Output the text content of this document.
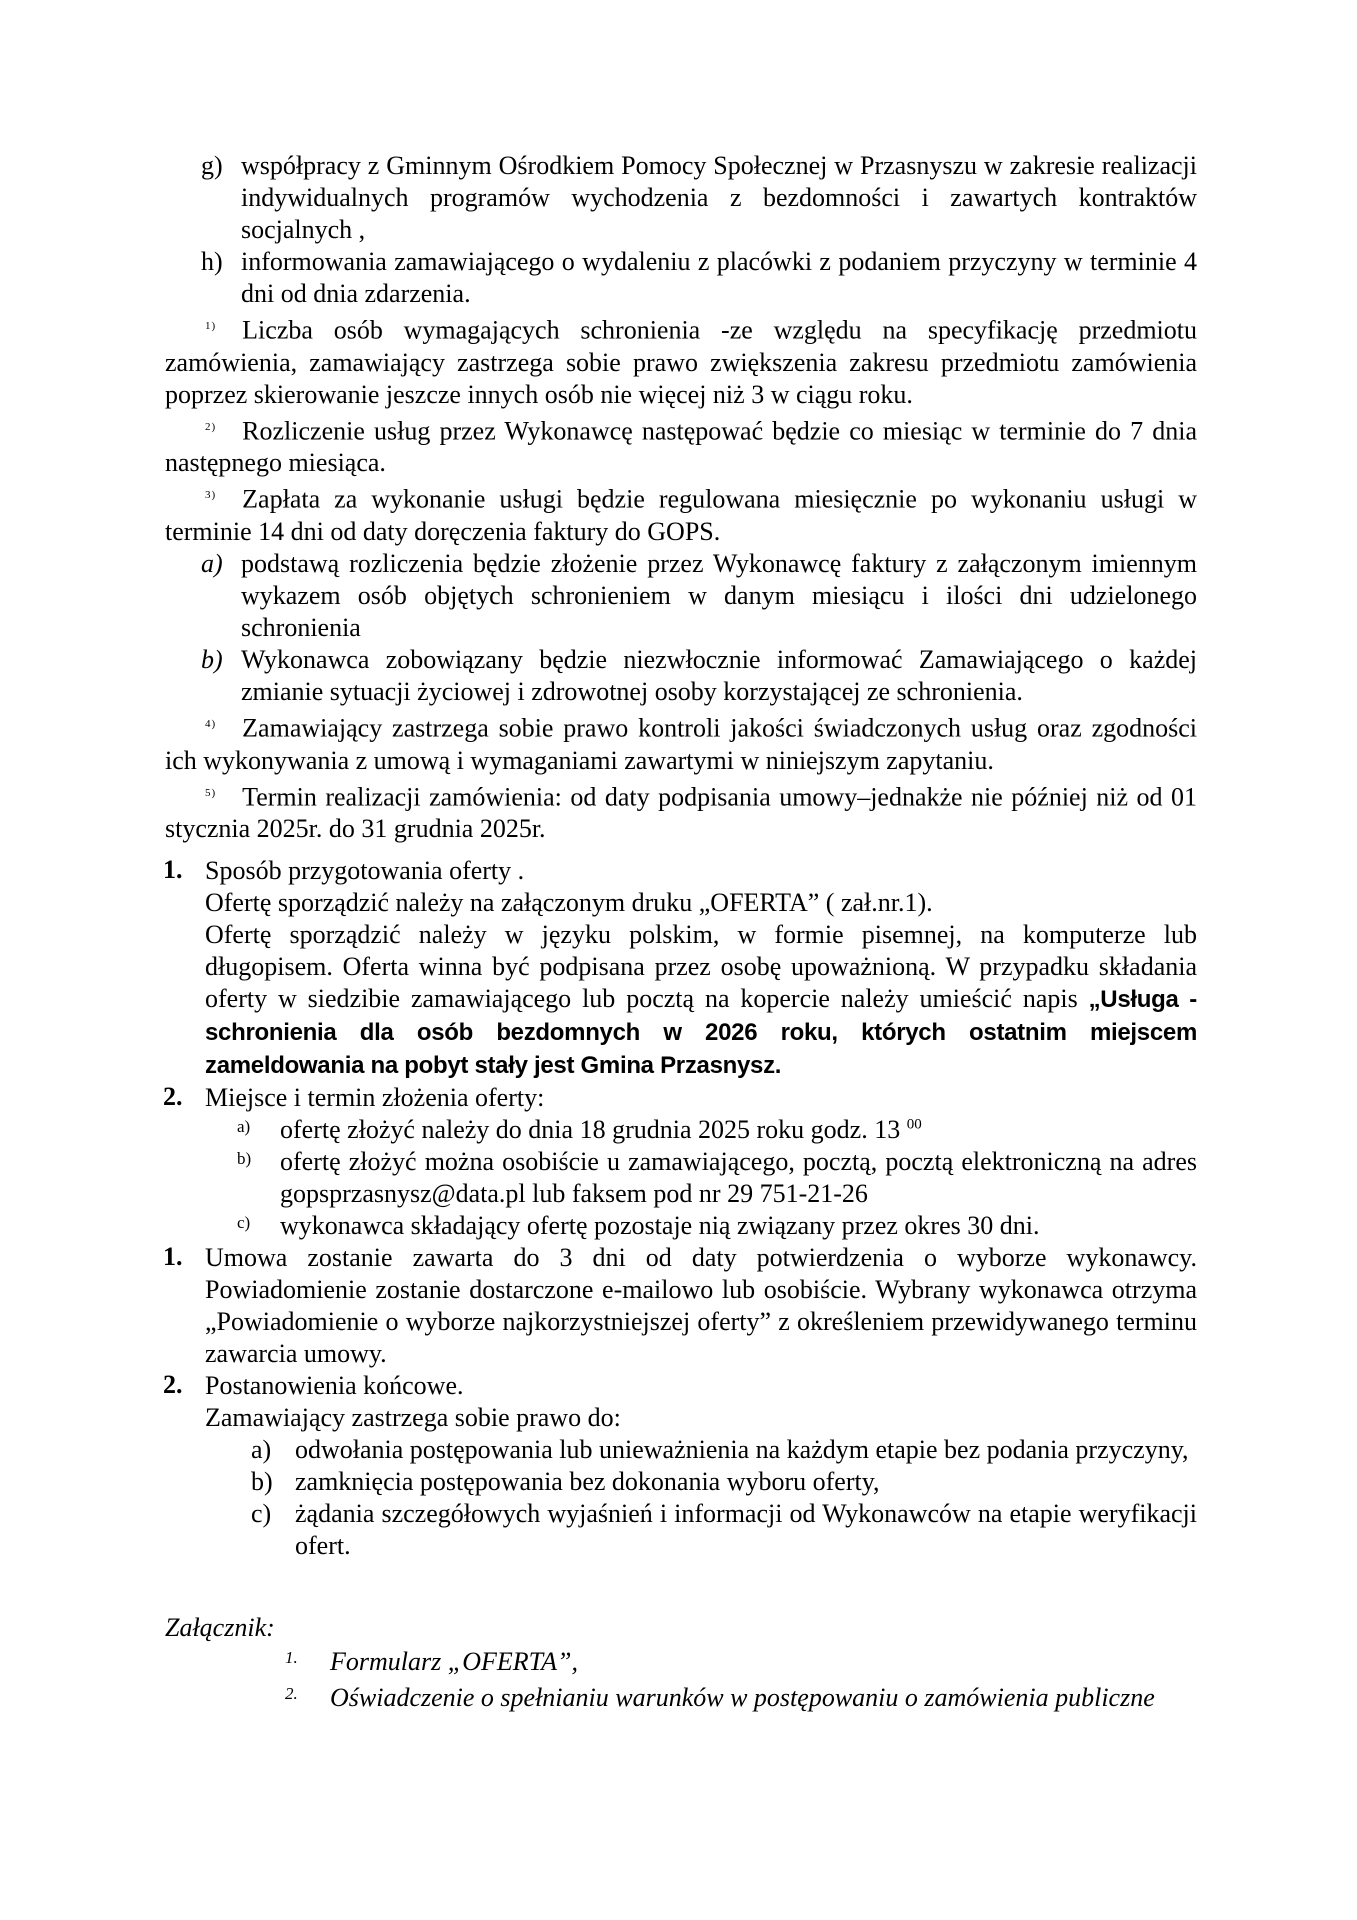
g) współpracy z Gminnym Ośrodkiem Pomocy Społecznej w Przasnyszu w zakresie realizacji indywidualnych programów wychodzenia z bezdomności i zawartych kontraktów socjalnych ,

h) informowania zamawiającego o wydaleniu z placówki z podaniem przyczyny w terminie 4 dni od dnia zdarzenia.

$^{1)}$ Liczba osób wymagających schronienia -ze względu na specyfikację przedmiotu zamówienia, zamawiający zastrzega sobie prawo zwiększenia zakresu przedmiotu zamówienia poprzez skierowanie jeszcze innych osób nie więcej niż 3 w ciągu roku.

$^{2)}$ Rozliczenie usług przez Wykonawcę następować będzie co miesiąc w terminie do 7 dnia następnego miesiąca.

$^{3)}$ Zapłata za wykonanie usługi będzie regulowana miesięcznie po wykonaniu usługi w terminie 14 dni od daty doręczenia faktury do GOPS.

a) podstawą rozliczenia będzie złożenie przez Wykonawcę faktury z załączonym imiennym wykazem osób objętych schronieniem w danym miesiącu i ilości dni udzielonego schronienia

b) Wykonawca zobowiązany będzie niezwłocznie informować Zamawiającego o każdej zmianie sytuacji życiowej i zdrowotnej osoby korzystającej ze schronienia.

$^{4)}$ Zamawiający zastrzega sobie prawo kontroli jakości świadczonych usług oraz zgodności ich wykonywania z umową i wymaganiami zawartymi w niniejszym zapytaniu.

$^{5)}$ Termin realizacji zamówienia: od daty podpisania umowy–jednakże nie później niż od 01 stycznia 2025r. do 31 grudnia 2025r.

1. Sposób przygotowania oferty .

Ofertę sporządzić należy na załączonym druku „OFERTA” ( zał.nr.1).

Ofertę sporządzić należy w języku polskim, w formie pisemnej, na komputerze lub długopisem. Oferta winna być podpisana przez osobę upoważnioną. W przypadku składania oferty w siedzibie zamawiającego lub pocztą na kopercie należy umieścić napis „Usługa - schronienia dla osób bezdomnych w 2026 roku, których ostatnim miejscem zameldowania na pobyt stały jest Gmina Przasnysz.

2. Miejsce i termin złożenia oferty:

a) ofertę złożyć należy do dnia 18 grudnia 2025 roku godz. 13 $^{00}$

b) ofertę złożyć można osobiście u zamawiającego, pocztą, pocztą elektroniczną na adres gopsprzasnysz@data.pl lub faksem pod nr 29 751-21-26

c) wykonawca składający ofertę pozostaje nią związany przez okres 30 dni.

1. Umowa zostanie zawarta do 3 dni od daty potwierdzenia o wyborze wykonawcy. Powiadomienie zostanie dostarczone e-mailowo lub osobiście. Wybrany wykonawca otrzyma „Powiadomienie o wyborze najkorzystniejszej oferty” z określeniem przewidywanego terminu zawarcia umowy.

2. Postanowienia końcowe.

Zamawiający zastrzega sobie prawo do:

a) odwołania postępowania lub unieważnienia na każdym etapie bez podania przyczyny,

b) zamknięcia postępowania bez dokonania wyboru oferty,

c) żądania szczegółowych wyjaśnień i informacji od Wykonawców na etapie weryfikacji ofert.

Załącznik:

1. Formularz „OFERTA”,

2. Oświadczenie o spełnianiu warunków w postępowaniu o zamówienia publiczne
